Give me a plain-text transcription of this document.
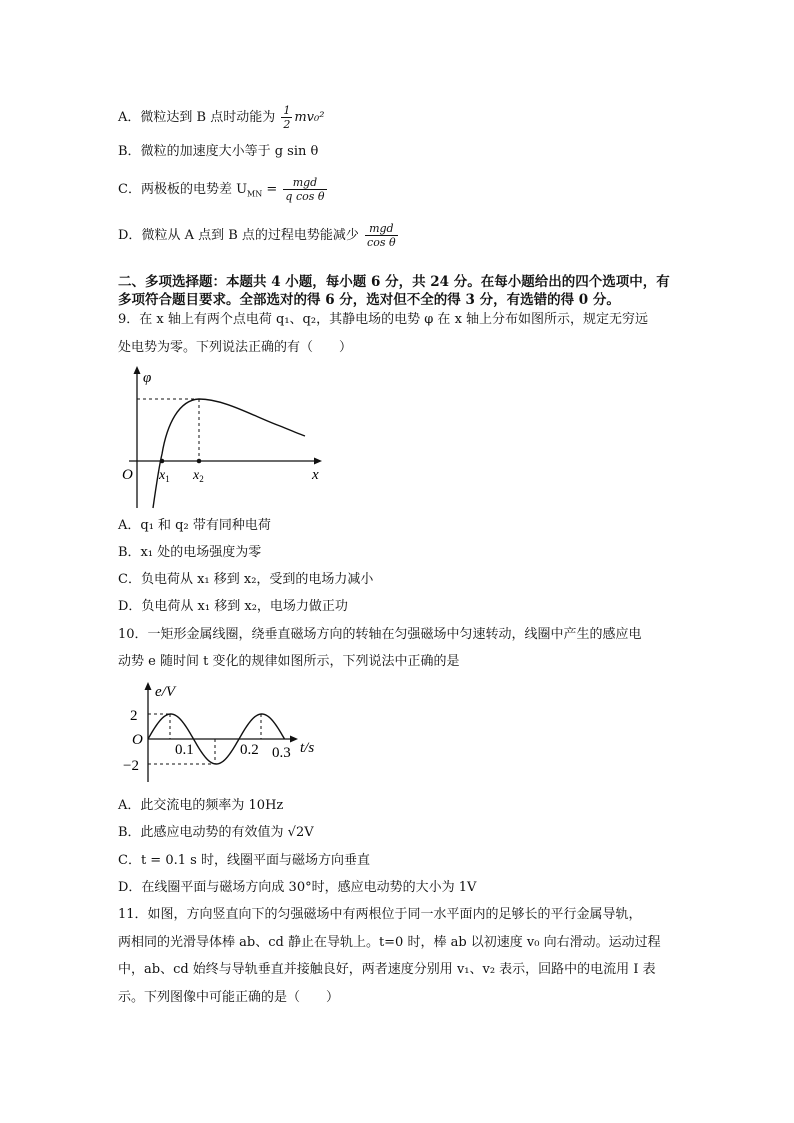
A．微粒达到 B 点时动能为 $\frac{1}{2} mv_0^2$
B．微粒的加速度大小等于 g sin θ
C．两极板的电势差 $U_{MN} = \frac{\text{mgd}}{\text{q cos θ}}$
D．微粒从 A 点到 B 点的过程电势能减少 $\frac{\text{mgd}}{\text{cos θ}}$
二、多项选择题：本题共 4 小题，每小题 6 分，共 24 分。在每小题给出的四个选项中，有
多项符合题目要求。全部选对的得 6 分，选对但不全的得 3 分，有选错的得 0 分。
9．在 x 轴上有两个点电荷 q₁、q₂，其静电场的电势 φ 在 x 轴上分布如图所示，规定无穷远
处电势为零。下列说法正确的有（　　）
φ
x
O $x_1$ $x_2$
A．q₁ 和 q₂ 带有同种电荷
B．x₁ 处的电场强度为零
C．负电荷从 x₁ 移到 x₂，受到的电场力减小
D．负电荷从 x₁ 移到 x₂，电场力做正功
10．一矩形金属线圈，绕垂直磁场方向的转轴在匀强磁场中匀速转动，线圈中产生的感应电
动势 e 随时间 t 变化的规律如图所示，下列说法中正确的是
e/V
2
−2
O
0.1	0.2 0.3 t/s
A．此交流电的频率为 10Hz
B．此感应电动势的有效值为 √2V
C．t = 0.1 s 时，线圈平面与磁场方向垂直
D．在线圈平面与磁场方向成 30°时，感应电动势的大小为 1V
11．如图，方向竖直向下的匀强磁场中有两根位于同一水平面内的足够长的平行金属导轨，
两相同的光滑导体棒 ab、cd 静止在导轨上。t=0 时，棒 ab 以初速度 v₀ 向右滑动。运动过程
中，ab、cd 始终与导轨垂直并接触良好，两者速度分别用 v₁、v₂ 表示，回路中的电流用 I 表
示。下列图像中可能正确的是（　　）
